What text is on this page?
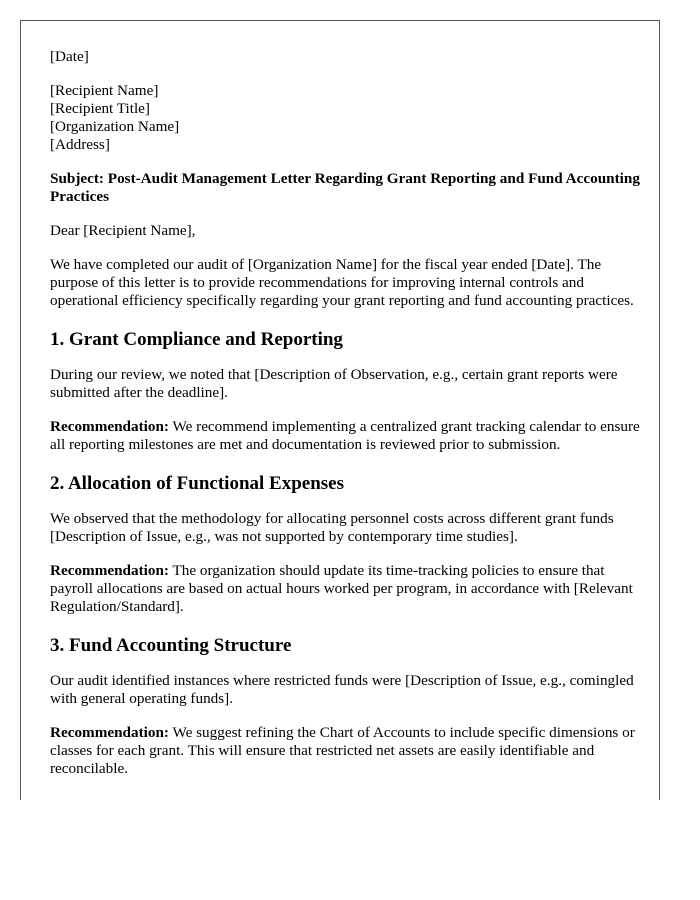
[Date]

[Recipient Name]
[Recipient Title]
[Organization Name]
[Address]

Subject: Post-Audit Management Letter Regarding Grant Reporting and Fund Accounting Practices

Dear [Recipient Name],

We have completed our audit of [Organization Name] for the fiscal year ended [Date]. The purpose of this letter is to provide recommendations for improving internal controls and operational efficiency specifically regarding your grant reporting and fund accounting practices.

1. Grant Compliance and Reporting

During our review, we noted that [Description of Observation, e.g., certain grant reports were submitted after the deadline].

Recommendation: We recommend implementing a centralized grant tracking calendar to ensure all reporting milestones are met and documentation is reviewed prior to submission.

2. Allocation of Functional Expenses

We observed that the methodology for allocating personnel costs across different grant funds [Description of Issue, e.g., was not supported by contemporary time studies].

Recommendation: The organization should update its time-tracking policies to ensure that payroll allocations are based on actual hours worked per program, in accordance with [Relevant Regulation/Standard].

3. Fund Accounting Structure

Our audit identified instances where restricted funds were [Description of Issue, e.g., comingled with general operating funds].

Recommendation: We suggest refining the Chart of Accounts to include specific dimensions or classes for each grant. This will ensure that restricted net assets are easily identifiable and reconcilable.
